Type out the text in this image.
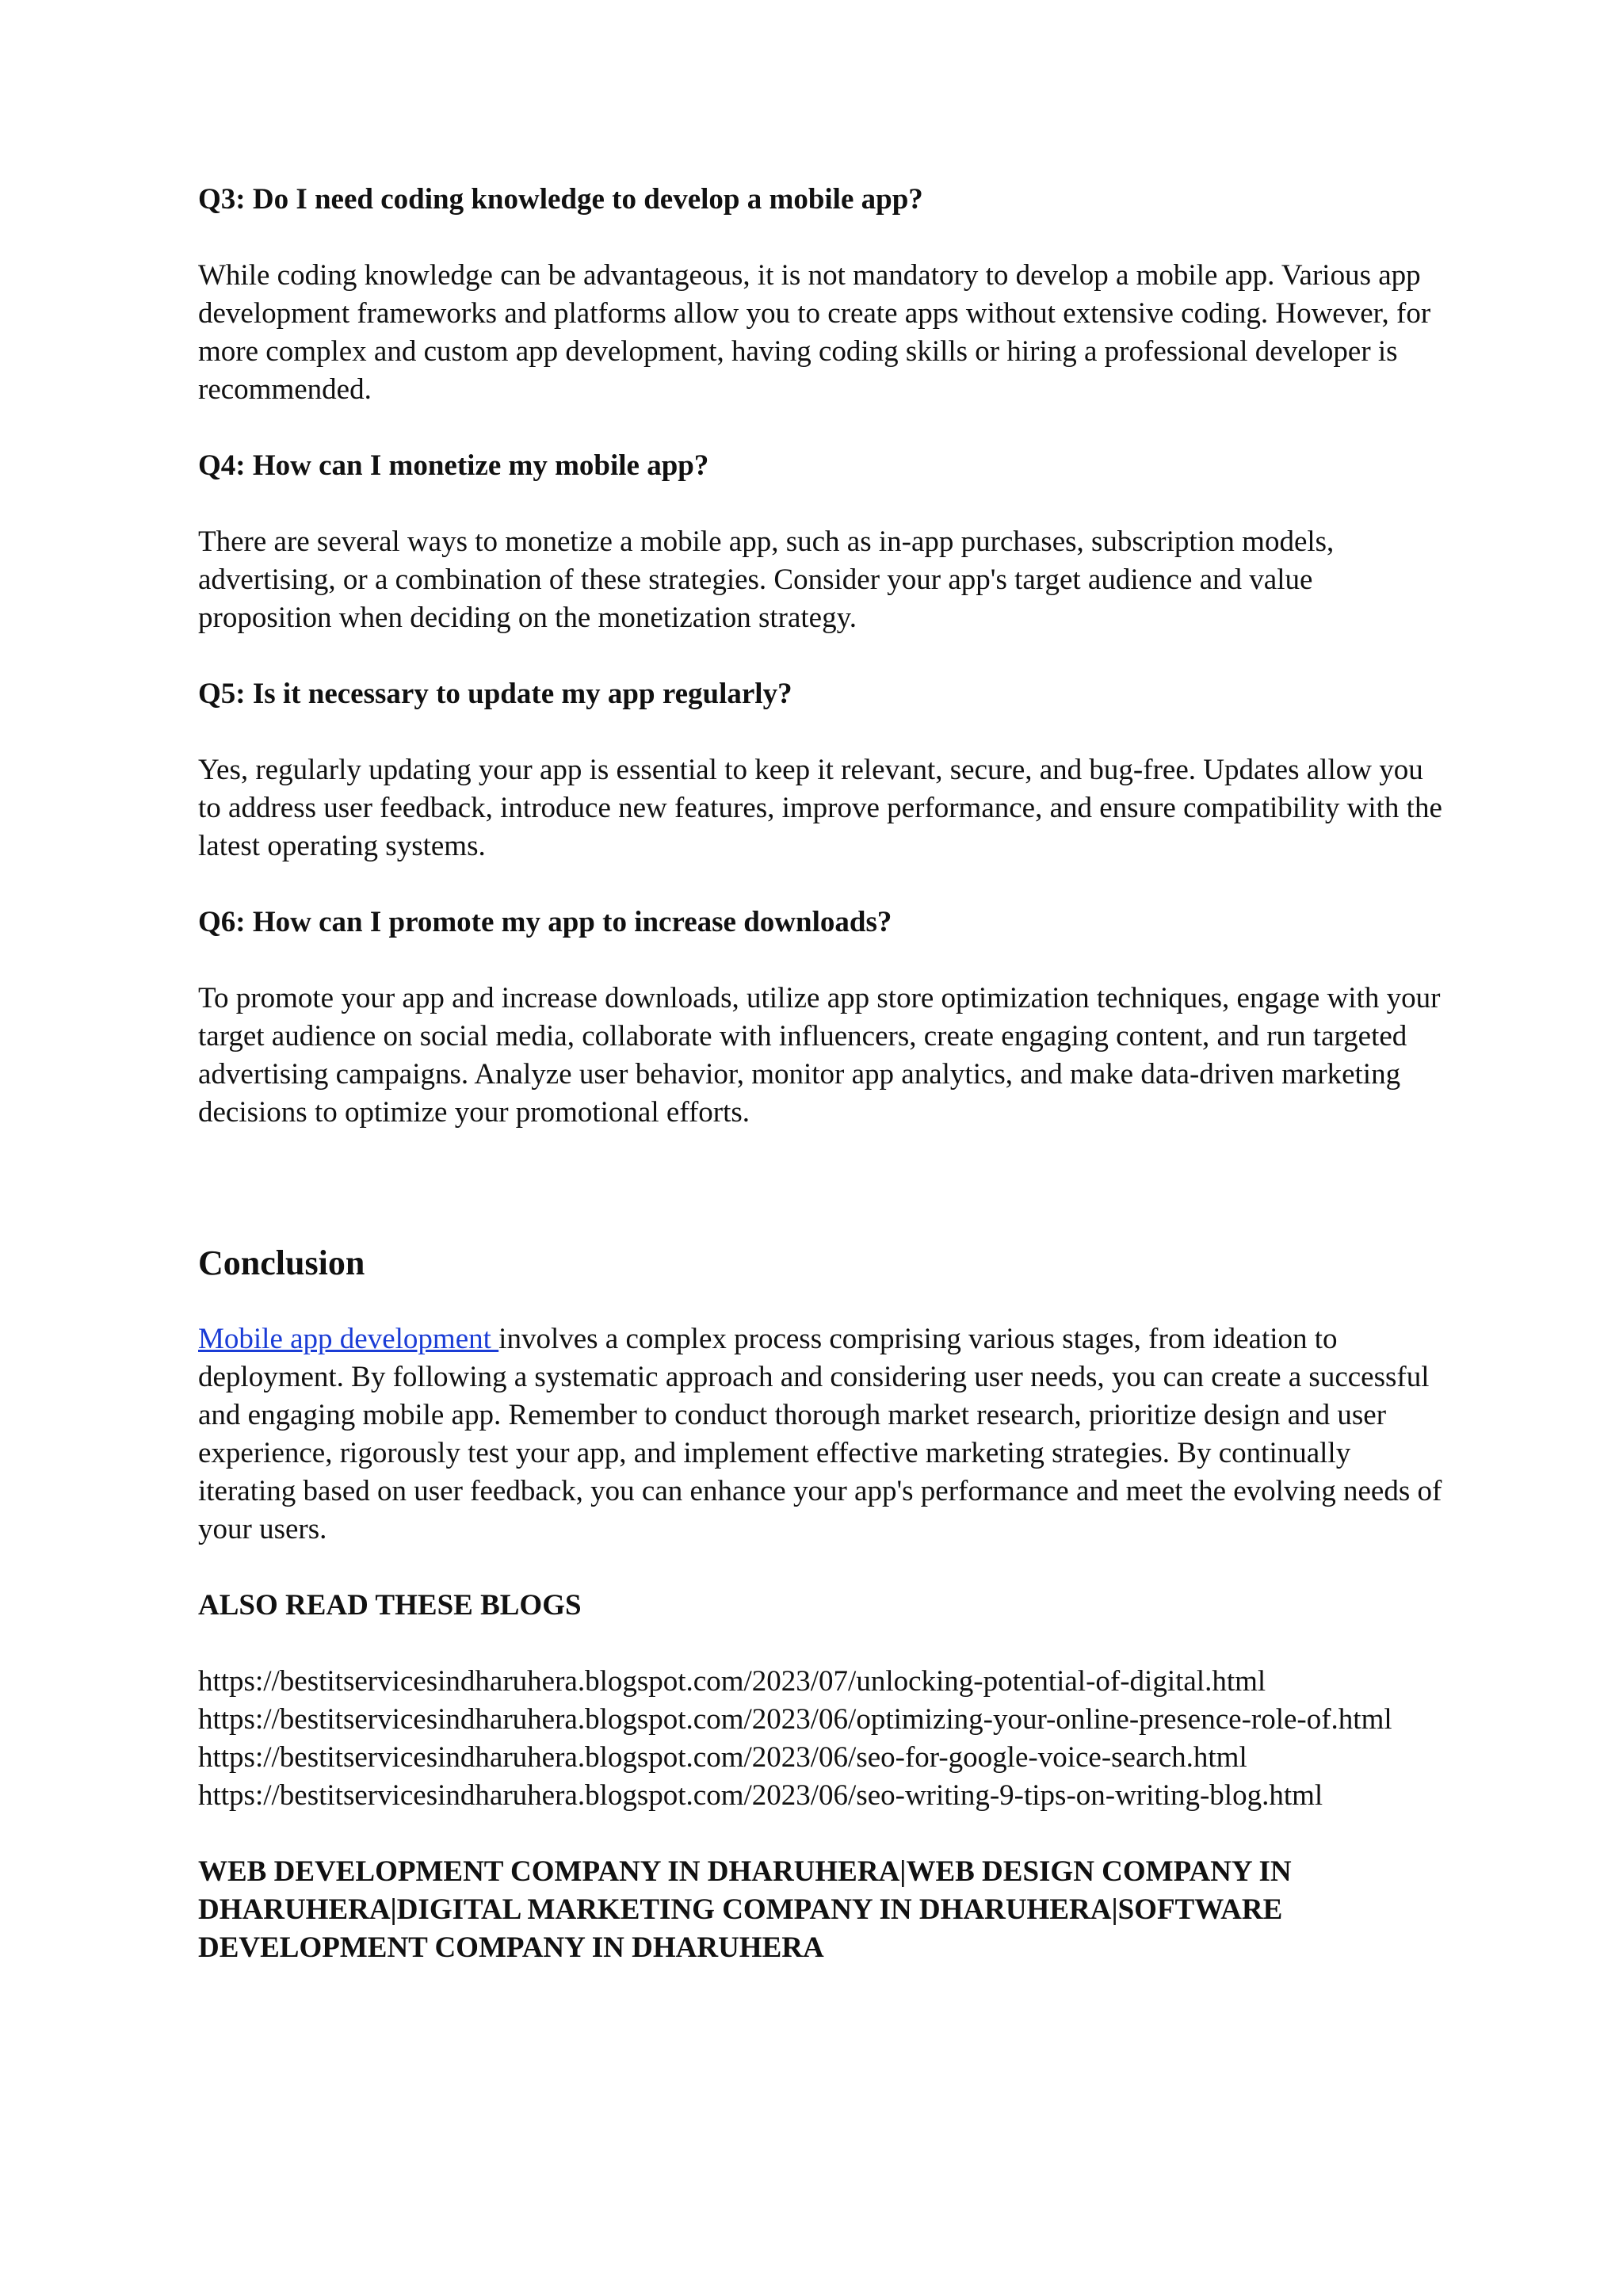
Q3: Do I need coding knowledge to develop a mobile app?
While coding knowledge can be advantageous, it is not mandatory to develop a mobile app. Various app development frameworks and platforms allow you to create apps without extensive coding. However, for more complex and custom app development, having coding skills or hiring a professional developer is recommended.
Q4: How can I monetize my mobile app?
There are several ways to monetize a mobile app, such as in-app purchases, subscription models, advertising, or a combination of these strategies. Consider your app's target audience and value proposition when deciding on the monetization strategy.
Q5: Is it necessary to update my app regularly?
Yes, regularly updating your app is essential to keep it relevant, secure, and bug-free. Updates allow you to address user feedback, introduce new features, improve performance, and ensure compatibility with the latest operating systems.
Q6: How can I promote my app to increase downloads?
To promote your app and increase downloads, utilize app store optimization techniques, engage with your target audience on social media, collaborate with influencers, create engaging content, and run targeted advertising campaigns. Analyze user behavior, monitor app analytics, and make data-driven marketing decisions to optimize your promotional efforts.
Conclusion
Mobile app development involves a complex process comprising various stages, from ideation to deployment. By following a systematic approach and considering user needs, you can create a successful and engaging mobile app. Remember to conduct thorough market research, prioritize design and user experience, rigorously test your app, and implement effective marketing strategies. By continually iterating based on user feedback, you can enhance your app's performance and meet the evolving needs of your users.
ALSO READ THESE BLOGS
https://bestitservicesindharuhera.blogspot.com/2023/07/unlocking-potential-of-digital.html
https://bestitservicesindharuhera.blogspot.com/2023/06/optimizing-your-online-presence-role-of.html
https://bestitservicesindharuhera.blogspot.com/2023/06/seo-for-google-voice-search.html
https://bestitservicesindharuhera.blogspot.com/2023/06/seo-writing-9-tips-on-writing-blog.html
WEB DEVELOPMENT COMPANY IN DHARUHERA|WEB DESIGN COMPANY IN DHARUHERA|DIGITAL MARKETING COMPANY IN DHARUHERA|SOFTWARE DEVELOPMENT COMPANY IN DHARUHERA
